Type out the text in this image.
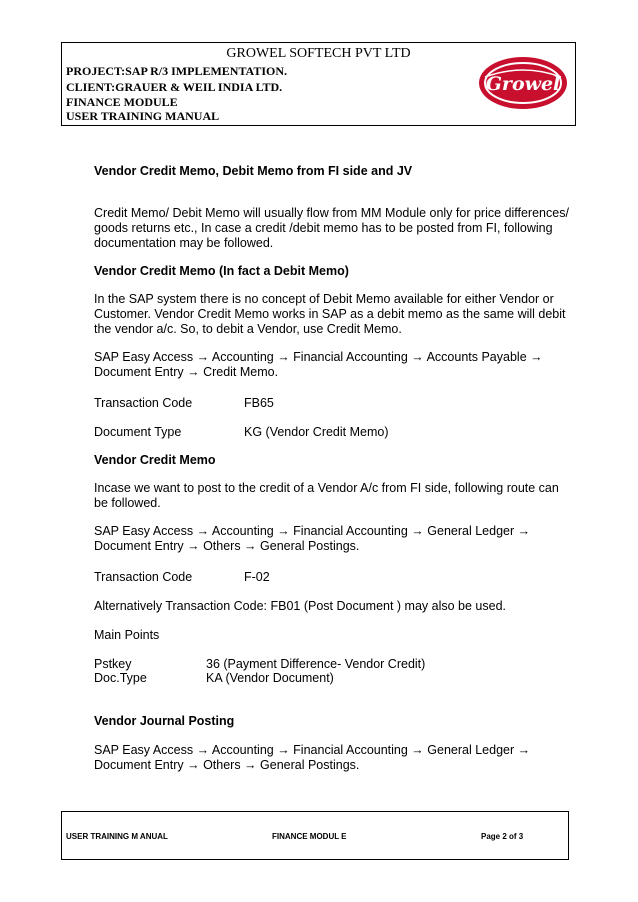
GROWEL SOFTECH PVT LTD
PROJECT:SAP R/3 IMPLEMENTATION.
CLIENT:GRAUER & WEIL INDIA LTD.
FINANCE MODULE
USER TRAINING MANUAL
Growel
Vendor Credit Memo, Debit Memo from FI side and JV
Credit Memo/ Debit Memo will usually flow from MM Module only for price differences/
goods returns etc., In case a credit /debit memo has to be posted from FI, following
documentation may be followed.
Vendor Credit Memo (In fact a Debit Memo)
In the SAP system there is no concept of Debit Memo available for either Vendor or
Customer. Vendor Credit Memo works in SAP as a debit memo as the same will debit
the vendor a/c. So, to debit a Vendor, use Credit Memo.
SAP Easy Access → Accounting → Financial Accounting → Accounts Payable →
Document Entry → Credit Memo.
Transaction Code	FB65
Document Type	KG (Vendor Credit Memo)
Vendor Credit Memo
Incase we want to post to the credit of a Vendor A/c from FI side, following route can
be followed.
SAP Easy Access → Accounting → Financial Accounting → General Ledger →
Document Entry → Others → General Postings.
Transaction Code	F-02
Alternatively Transaction Code: FB01 (Post Document ) may also be used.
Main Points
Pstkey	36 (Payment Difference- Vendor Credit)
Doc.Type	KA (Vendor Document)
Vendor Journal Posting
SAP Easy Access → Accounting → Financial Accounting → General Ledger →
Document Entry → Others → General Postings.
USER TRAINING M ANUAL	FINANCE MODUL E	Page 2 of 3
